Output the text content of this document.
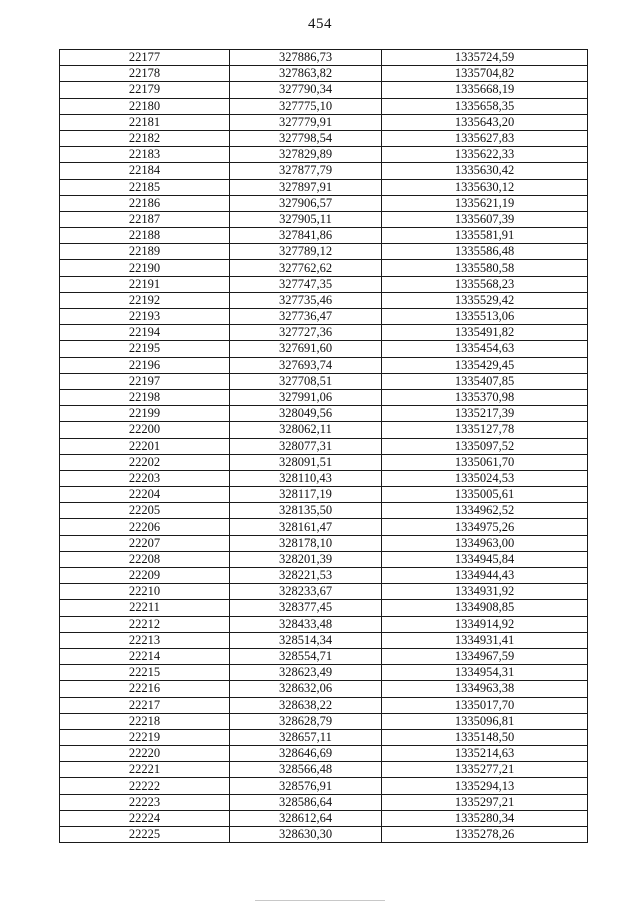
454
22177	327886,73	1335724,59
22178	327863,82	1335704,82
22179	327790,34	1335668,19
22180	327775,10	1335658,35
22181	327779,91	1335643,20
22182	327798,54	1335627,83
22183	327829,89	1335622,33
22184	327877,79	1335630,42
22185	327897,91	1335630,12
22186	327906,57	1335621,19
22187	327905,11	1335607,39
22188	327841,86	1335581,91
22189	327789,12	1335586,48
22190	327762,62	1335580,58
22191	327747,35	1335568,23
22192	327735,46	1335529,42
22193	327736,47	1335513,06
22194	327727,36	1335491,82
22195	327691,60	1335454,63
22196	327693,74	1335429,45
22197	327708,51	1335407,85
22198	327991,06	1335370,98
22199	328049,56	1335217,39
22200	328062,11	1335127,78
22201	328077,31	1335097,52
22202	328091,51	1335061,70
22203	328110,43	1335024,53
22204	328117,19	1335005,61
22205	328135,50	1334962,52
22206	328161,47	1334975,26
22207	328178,10	1334963,00
22208	328201,39	1334945,84
22209	328221,53	1334944,43
22210	328233,67	1334931,92
22211	328377,45	1334908,85
22212	328433,48	1334914,92
22213	328514,34	1334931,41
22214	328554,71	1334967,59
22215	328623,49	1334954,31
22216	328632,06	1334963,38
22217	328638,22	1335017,70
22218	328628,79	1335096,81
22219	328657,11	1335148,50
22220	328646,69	1335214,63
22221	328566,48	1335277,21
22222	328576,91	1335294,13
22223	328586,64	1335297,21
22224	328612,64	1335280,34
22225	328630,30	1335278,26
